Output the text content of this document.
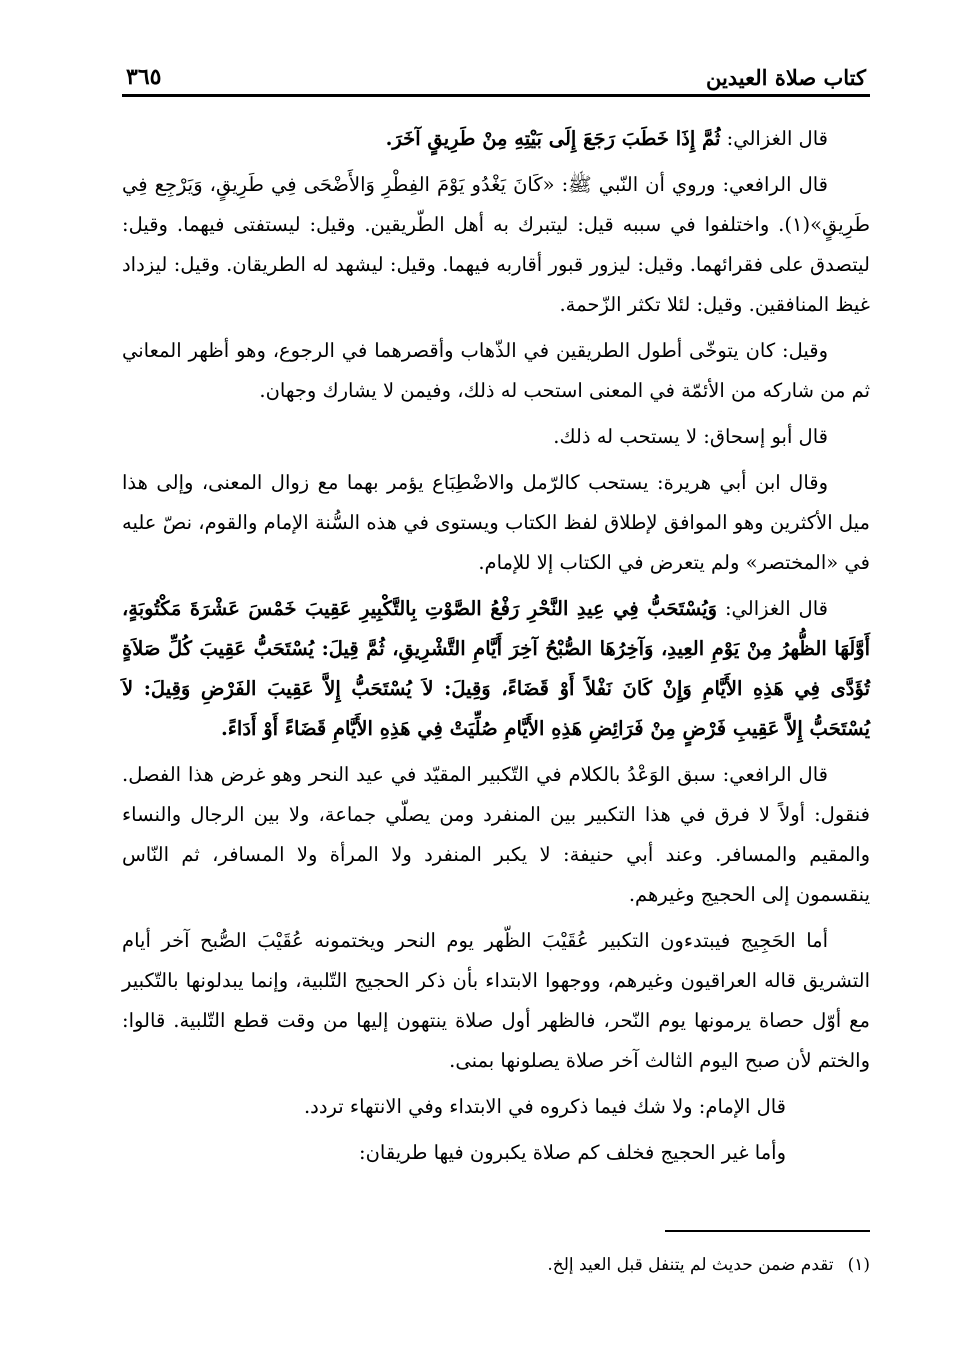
كتاب صلاة العيدين
٣٦٥

قال الغزالي: ثُمَّ إِذَا خَطَبَ رَجَعَ إِلَى بَيْتِهِ مِنْ طَرِيقٍ آخَرَ.

قال الرافعي: وروي أن النّبي ﷺ: «كَانَ يَغْدُو يَوْمَ الفِطْرِ وَالأَضْحَى فِي طَرِيقٍ، وَيَرْجِع فِي طَرِيقٍ»(١). واختلفوا في سببه قيل: ليتبرك به أهل الطّريقين. وقيل: ليستفتى فيهما. وقيل: ليتصدق على فقرائهما. وقيل: ليزور قبور أقاربه فيهما. وقيل: ليشهد له الطريقان. وقيل: ليزداد غيظ المنافقين. وقيل: لئلا تكثر الزّحمة.

وقيل: كان يتوخّى أطول الطريقين في الذّهاب وأقصرهما في الرجوع، وهو أظهر المعاني ثم من شاركه من الأئمّة في المعنى استحب له ذلك، وفيمن لا يشارك وجهان.

قال أبو إسحاق: لا يستحب له ذلك.

وقال ابن أبي هريرة: يستحب كالرّمل والاضْطِبَاع يؤمر بهما مع زوال المعنى، وإلى هذا ميل الأكثرين وهو الموافق لإطلاق لفظ الكتاب ويستوى في هذه السُّنة الإمام والقوم، نصّ عليه في «المختصر» ولم يتعرض في الكتاب إلا للإمام.

قال الغزالي: وَيُسْتَحَبُّ فِي عِيدِ النَّحْرِ رَفْعُ الصَّوْتِ بِالتَّكْبِيرِ عَقِيبَ خَمْسَ عَشْرَةَ مَكْتُوبَةٍ، أَوَّلَهَا الظُّهرُ مِنْ يَوْمِ العِيدِ، وَآخِرُهَا الصُّبْحُ آخِرَ أَيَّامِ التَّشْرِيقِ، ثُمَّ قِيلَ: يُسْتَحَبُّ عَقِيبَ كُلِّ صَلاَةٍ تُؤَدَّى فِي هَذِهِ الأَيَّامِ وَإِنْ كَانَ نَفْلاً أَوْ قَضَاءً، وَقِيلَ: لاَ يُسْتَحَبُّ إِلاَّ عَقِيبَ الفَرْضِ وَقِيلَ: لاَ يُسْتَحَبُّ إِلاَّ عَقِيبِ فَرْضٍ مِنْ فَرَائِضِ هَذِهِ الأَيَّامِ صُلِّيَتْ فِي هَذِهِ الأَيَّامِ قَضَاءً أَوْ أَدَاءً.

قال الرافعي: سبق الوَعْدُ بالكلام في التّكبير المقيّد في عيد النحر وهو غرض هذا الفصل. فنقول: أولاً لا فرق في هذا التكبير بين المنفرد ومن يصلّي جماعة، ولا بين الرجال والنساء والمقيم والمسافر. وعند أبي حنيفة: لا يكبر المنفرد ولا المرأة ولا المسافر، ثم النّاس ينقسمون إلى الحجيج وغيرهم.

أما الحَجِيج فيبتدءون التكبير عُقَيْبَ الظّهر يوم النحر ويختمونه عُقَيْبَ الصُّبح آخر أيام التشريق قاله العراقيون وغيرهم، ووجهوا الابتداء بأن ذكر الحجيج التّلبية، وإنما يبدلونها بالتّكبير مع أوّل حصاة يرمونها يوم النّحر، فالظهر أول صلاة ينتهون إليها من وقت قطع التّلبية. قالوا: والختم لأن صبح اليوم الثالث آخر صلاة يصلونها بمنى.

قال الإمام: ولا شك فيما ذكروه في الابتداء وفي الانتهاء تردد.

وأما غير الحجيج فخلف كم صلاة يكبرون فيها طريقان:

(١)تقدم ضمن حديث لم يتنفل قبل العيد إلخ.
